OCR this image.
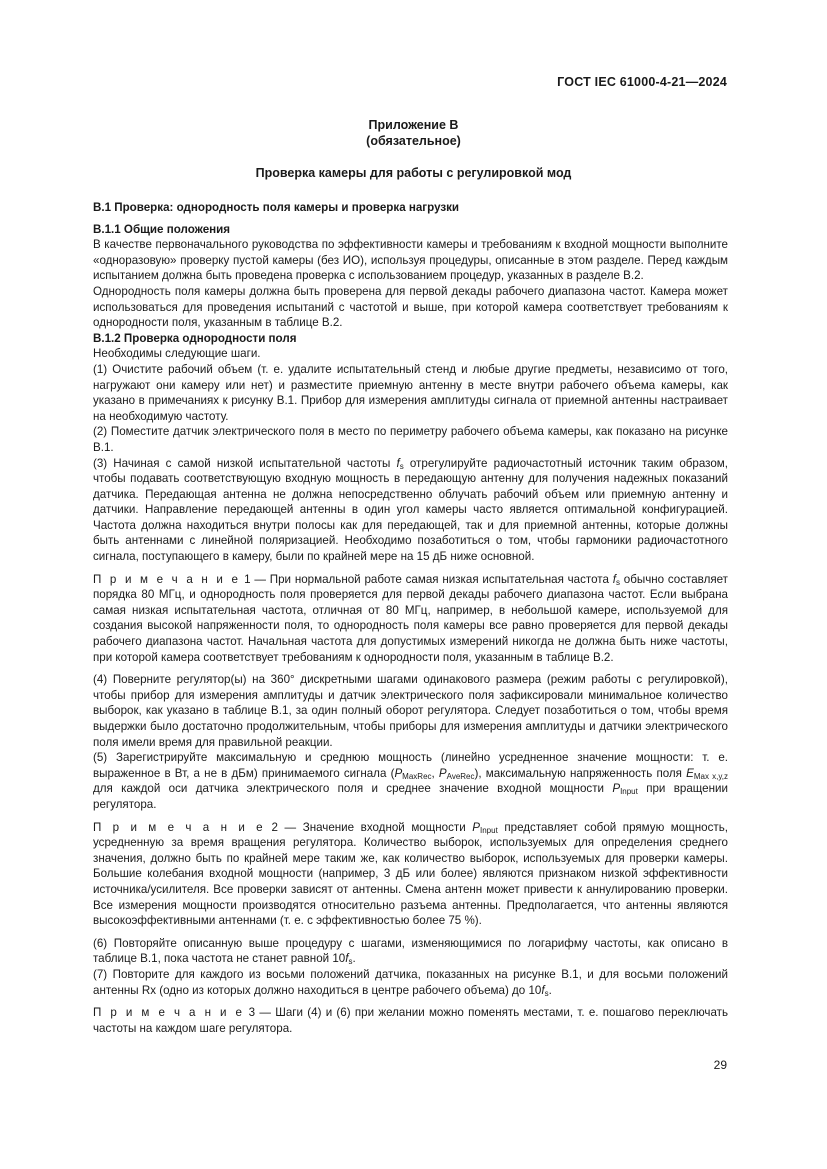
ГОСТ IEC 61000-4-21—2024
Приложение В
(обязательное)
Проверка камеры для работы с регулировкой мод

В.1 Проверка: однородность поля камеры и проверка нагрузки

В.1.1 Общие положения

В качестве первоначального руководства по эффективности камеры и требованиям к входной мощности выполните «одноразовую» проверку пустой камеры (без ИО), используя процедуры, описанные в этом разделе. Перед каждым испытанием должна быть проведена проверка с использованием процедур, указанных в разделе В.2.

Однородность поля камеры должна быть проверена для первой декады рабочего диапазона частот. Камера может использоваться для проведения испытаний с частотой и выше, при которой камера соответствует требованиям к однородности поля, указанным в таблице В.2.

В.1.2 Проверка однородности поля

Необходимы следующие шаги.

(1) Очистите рабочий объем (т. е. удалите испытательный стенд и любые другие предметы, независимо от того, нагружают они камеру или нет) и разместите приемную антенну в месте внутри рабочего объема камеры, как указано в примечаниях к рисунку В.1. Прибор для измерения амплитуды сигнала от приемной антенны настраивает на необходимую частоту.

(2) Поместите датчик электрического поля в место по периметру рабочего объема камеры, как показано на рисунке В.1.

(3) Начиная с самой низкой испытательной частоты $f_s$ отрегулируйте радиочастотный источник таким образом, чтобы подавать соответствующую входную мощность в передающую антенну для получения надежных показаний датчика. Передающая антенна не должна непосредственно облучать рабочий объем или приемную антенну и датчики. Направление передающей антенны в один угол камеры часто является оптимальной конфигурацией. Частота должна находиться внутри полосы как для передающей, так и для приемной антенны, которые должны быть антеннами с линейной поляризацией. Необходимо позаботиться о том, чтобы гармоники радиочастотного сигнала, поступающего в камеру, были по крайней мере на 15 дБ ниже основной.

П р и м е ч а н и е 1 — При нормальной работе самая низкая испытательная частота $f_s$ обычно составляет порядка 80 МГц, и однородность поля проверяется для первой декады рабочего диапазона частот. Если выбрана самая низкая испытательная частота, отличная от 80 МГц, например, в небольшой камере, используемой для создания высокой напряженности поля, то однородность поля камеры все равно проверяется для первой декады рабочего диапазона частот. Начальная частота для допустимых измерений никогда не должна быть ниже частоты, при которой камера соответствует требованиям к однородности поля, указанным в таблице В.2.

(4) Поверните регулятор(ы) на 360° дискретными шагами одинакового размера (режим работы с регулировкой), чтобы прибор для измерения амплитуды и датчик электрического поля зафиксировали минимальное количество выборок, как указано в таблице В.1, за один полный оборот регулятора. Следует позаботиться о том, чтобы время выдержки было достаточно продолжительным, чтобы приборы для измерения амплитуды и датчики электрического поля имели время для правильной реакции.

(5) Зарегистрируйте максимальную и среднюю мощность (линейно усредненное значение мощности: т. е. выраженное в Вт, а не в дБм) принимаемого сигнала ($P_{MaxRec}$, $P_{AveRec}$), максимальную напряженность поля $E_{Max x,y,z}$ для каждой оси датчика электрического поля и среднее значение входной мощности $P_{Input}$ при вращении регулятора.

П р и м е ч а н и е 2 — Значение входной мощности $P_{Input}$ представляет собой прямую мощность, усредненную за время вращения регулятора. Количество выборок, используемых для определения среднего значения, должно быть по крайней мере таким же, как количество выборок, используемых для проверки камеры. Большие колебания входной мощности (например, 3 дБ или более) являются признаком низкой эффективности источника/усилителя. Все проверки зависят от антенны. Смена антенн может привести к аннулированию проверки. Все измерения мощности производятся относительно разъема антенны. Предполагается, что антенны являются высокоэффективными антеннами (т. е. с эффективностью более 75 %).

(6) Повторяйте описанную выше процедуру с шагами, изменяющимися по логарифму частоты, как описано в таблице В.1, пока частота не станет равной $10f_s$.

(7) Повторите для каждого из восьми положений датчика, показанных на рисунке В.1, и для восьми положений антенны Rx (одно из которых должно находиться в центре рабочего объема) до $10f_s$.

П р и м е ч а н и е 3 — Шаги (4) и (6) при желании можно поменять местами, т. е. пошагово переключать частоты на каждом шаге регулятора.

29
